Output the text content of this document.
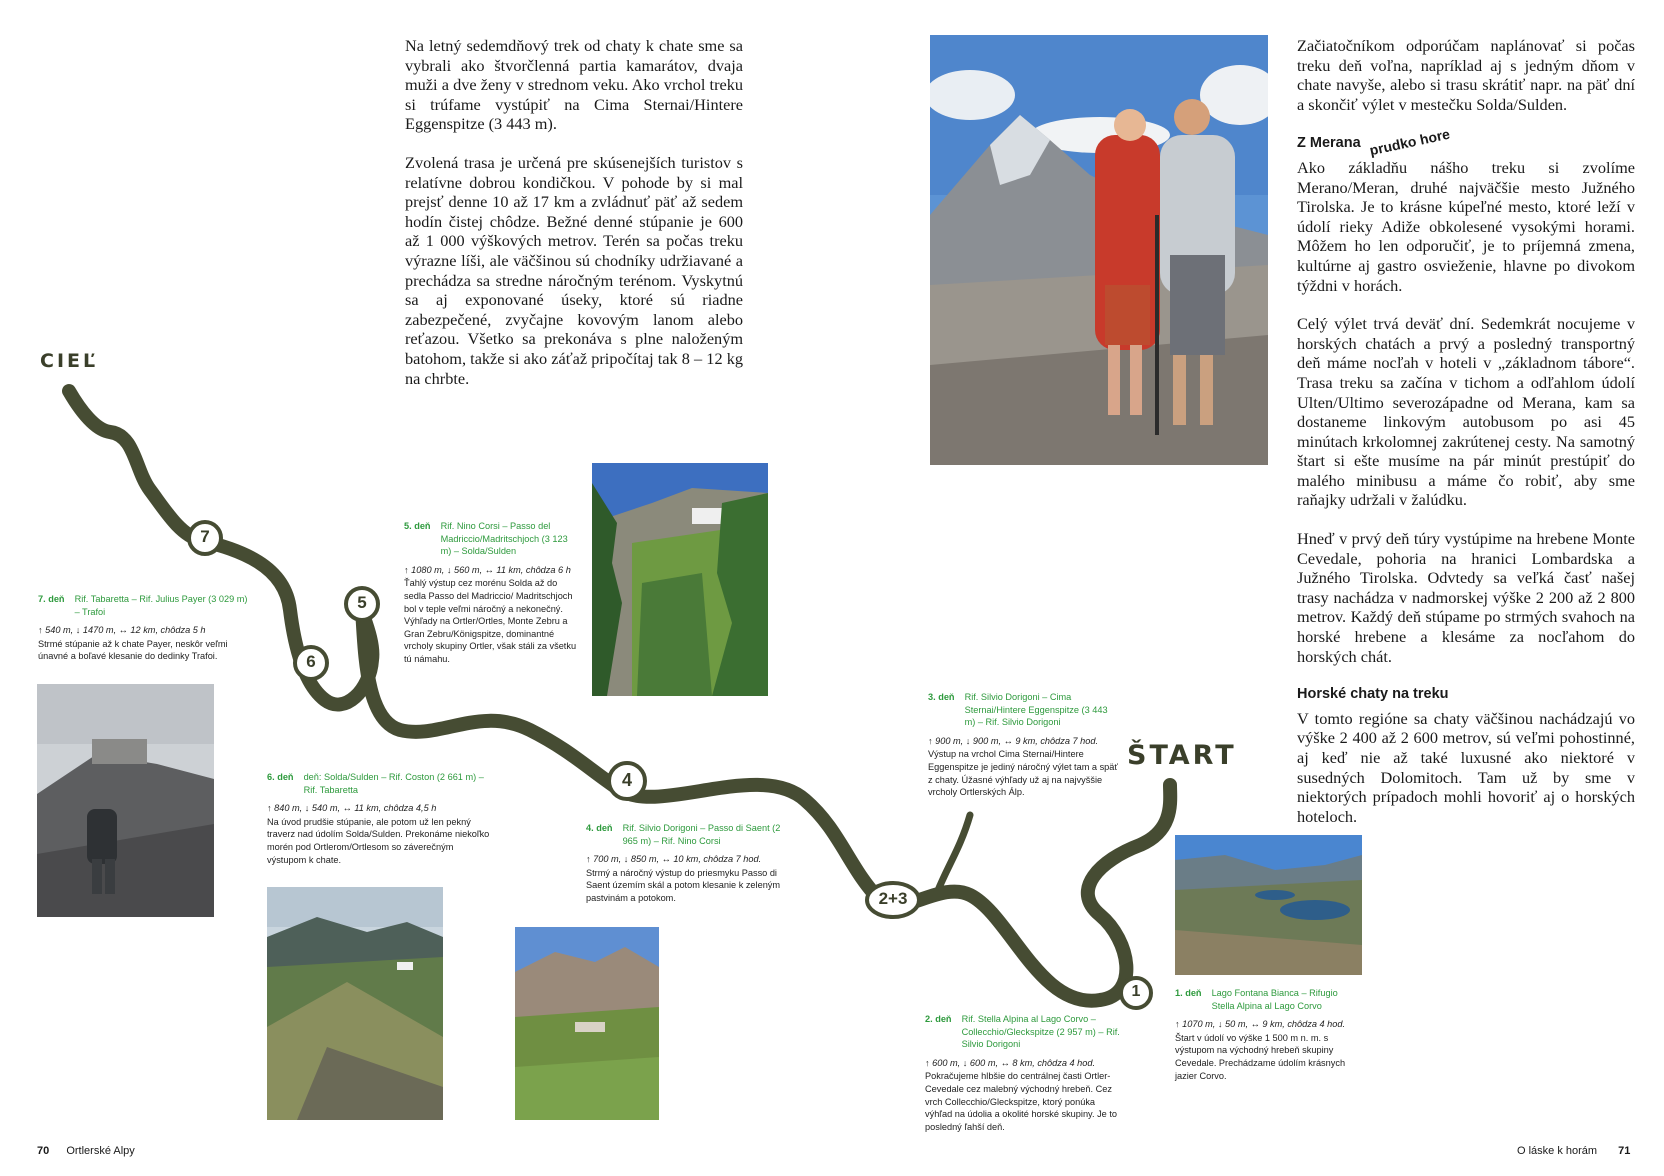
7
6
5
4
2+3
1
CIEĽ
ŠTART

Na letný sedemdňový trek od chaty k chate sme sa vybrali ako štvorčlenná partia kamarátov, dvaja muži a dve ženy v strednom veku. Ako vrchol treku si trúfame vystúpiť na Cima Sternai/Hintere Eggenspitze (3 443 m).

Zvolená trasa je určená pre skúsenejších turistov s relatívne dobrou kondičkou. V pohode by si mal prejsť denne 10 až 17 km a zvládnuť päť až sedem hodín čistej chôdze. Bežné denné stúpanie je 600 až 1 000 výškových metrov. Terén sa počas treku výrazne líši, ale väčšinou sú chodníky udržiavané a prechádza sa stredne náročným terénom. Vyskytnú sa aj exponované úseky, ktoré sú riadne zabezpečené, zvyčajne kovovým lanom alebo reťazou. Všetko sa prekonáva s plne naloženým batohom, takže si ako záťaž pripočítaj tak 8 – 12 kg na chrbte.

Začiatočníkom odporúčam naplánovať si počas treku deň voľna, napríklad aj s jedným dňom v chate navyše, alebo si trasu skrátiť napr. na päť dní a skončiť výlet v mestečku Solda/Sulden.

Z Merana prudko hore

Ako základňu nášho treku si zvolíme Merano/Meran, druhé najväčšie mesto Južného Tirolska. Je to krásne kúpeľné mesto, ktoré leží v údolí rieky Adiže obkolesené vysokými horami. Môžem ho len odporučiť, je to príjemná zmena, kultúrne aj gastro osvieženie, hlavne po divokom týždni v horách.

Celý výlet trvá deväť dní. Sedemkrát nocujeme v horských chatách a prvý a posledný transportný deň máme nocľah v hoteli v „základnom tábore“. Trasa treku sa začína v tichom a odľahlom údolí Ulten/Ultimo severozápadne od Merana, kam sa dostaneme linkovým autobusom po asi 45 minútach krkolomnej zakrútenej cesty. Na samotný štart si ešte musíme na pár minút prestúpiť do malého minibusu a máme čo robiť, aby sme raňajky udržali v žalúdku.

Hneď v prvý deň túry vystúpime na hrebene Monte Cevedale, pohoria na hranici Lombardska a Južného Tirolska. Odvtedy sa veľká časť našej trasy nachádza v nadmorskej výške 2 200 až 2 800 metrov. Každý deň stúpame po strmých svahoch na horské hrebene a klesáme za nocľahom do horských chát.

Horské chaty na treku

V tomto regióne sa chaty väčšinou nachádzajú vo výške 2 400 až 2 600 metrov, sú veľmi pohostinné, aj keď nie až také luxusné ako niektoré v susedných Dolomitoch. Tam už by sme v niektorých prípadoch mohli hovoriť aj o horských hoteloch.

1. deň Lago Fontana Bianca – Rifugio Stella Alpina al Lago Corvo
↑ 1070 m, ↓ 50 m, ↔ 9 km, chôdza 4 hod.
Štart v údolí vo výške 1 500 m n. m. s výstupom na východný hrebeň skupiny Cevedale. Prechádzame údolím krásnych jazier Corvo.
2. deň Rif. Stella Alpina al Lago Corvo – Collecchio/Gleckspitze (2 957 m) – Rif. Silvio Dorigoni
↑ 600 m, ↓ 600 m, ↔ 8 km, chôdza 4 hod.
Pokračujeme hlbšie do centrálnej časti Ortler-Cevedale cez malebný východný hrebeň. Cez vrch Collecchio/Gleckspitze, ktorý ponúka výhľad na údolia a okolité horské skupiny. Je to posledný ľahší deň.
3. deň Rif. Silvio Dorigoni – Cima Sternai/Hintere Eggenspitze (3 443 m) – Rif. Silvio Dorigoni
↑ 900 m, ↓ 900 m, ↔ 9 km, chôdza 7 hod.
Výstup na vrchol Cima Sternai/Hintere Eggenspitze je jediný náročný výlet tam a späť z chaty. Úžasné výhľady už aj na najvyššie vrcholy Ortlerských Álp.
4. deň Rif. Silvio Dorigoni – Passo di Saent (2 965 m) – Rif. Nino Corsi
↑ 700 m, ↓ 850 m, ↔ 10 km, chôdza 7 hod.
Strmý a náročný výstup do priesmyku Passo di Saent územím skál a potom klesanie k zeleným pastvinám a potokom.
5. deň Rif. Nino Corsi – Passo del Madriccio/Madritschjoch (3 123 m) – Solda/Sulden
↑ 1080 m, ↓ 560 m, ↔ 11 km, chôdza 6 h
Ťahlý výstup cez morénu Solda až do sedla Passo del Madriccio/ Madritschjoch bol v teple veľmi náročný a nekonečný. Výhľady na Ortler/Ortles, Monte Zebru a Gran Zebru/Königspitze, dominantné vrcholy skupiny Ortler, však stáli za všetku tú námahu.
6. deň deň: Solda/Sulden – Rif. Coston (2 661 m) – Rif. Tabaretta
↑ 840 m, ↓ 540 m, ↔ 11 km, chôdza 4,5 h
Na úvod prudšie stúpanie, ale potom už len pekný traverz nad údolím Solda/Sulden. Prekonáme niekoľko morén pod Ortlerom/Ortlesom so záverečným výstupom k chate.
7. deň Rif. Tabaretta – Rif. Julius Payer (3 029 m) – Trafoi
↑ 540 m, ↓ 1470 m, ↔ 12 km, chôdza 5 h
Strmé stúpanie až k chate Payer, neskôr veľmi únavné a boľavé klesanie do dedinky Trafoi.
70 Ortlerské Alpy	O láske k horám 71
